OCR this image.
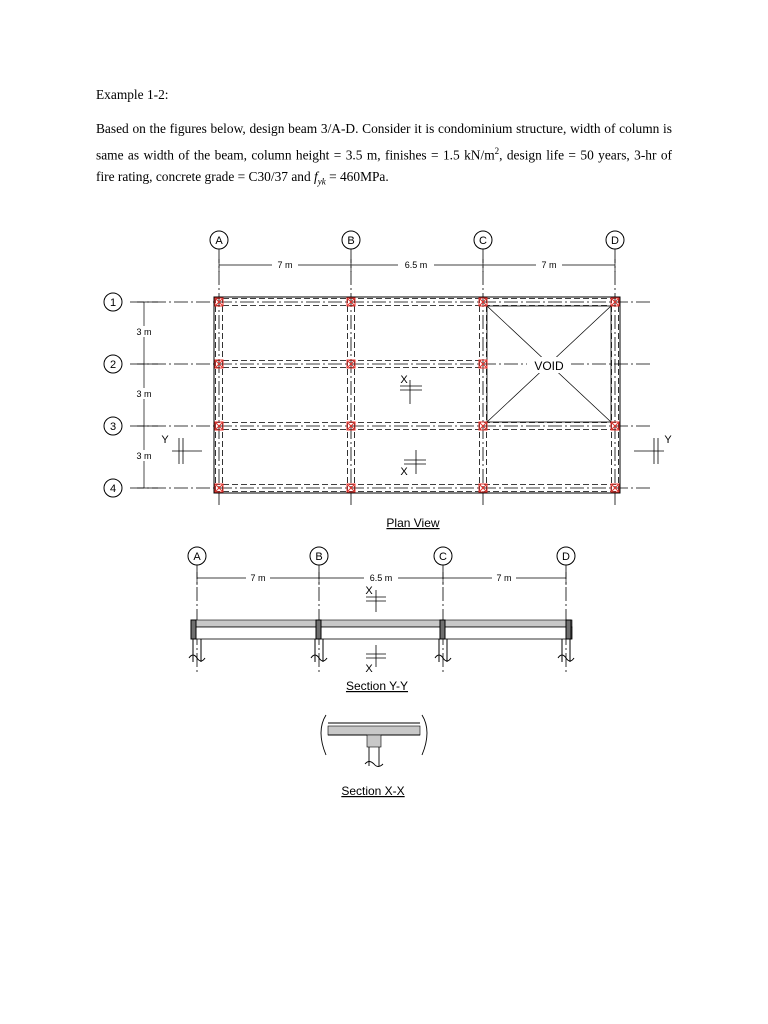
Example 1-2:
Based on the figures below, design beam 3/A-D. Consider it is condominium structure, width of column is same as width of the beam, column height = 3.5 m, finishes = 1.5 $kN/m^2$, design life = 50 years, 3-hr of fire rating, concrete grade = C30/37 and $f_{yk} = 460MPa$.
A	B	C	D
7 m	6.5 m	7 m
1
2
3
4
3 m
3 m
3 m
VOID
Y	Y
X
X
Plan View
A	B	C	D
7 m	6.5 m	7 m
X
X
Section Y-Y
Section X-X
